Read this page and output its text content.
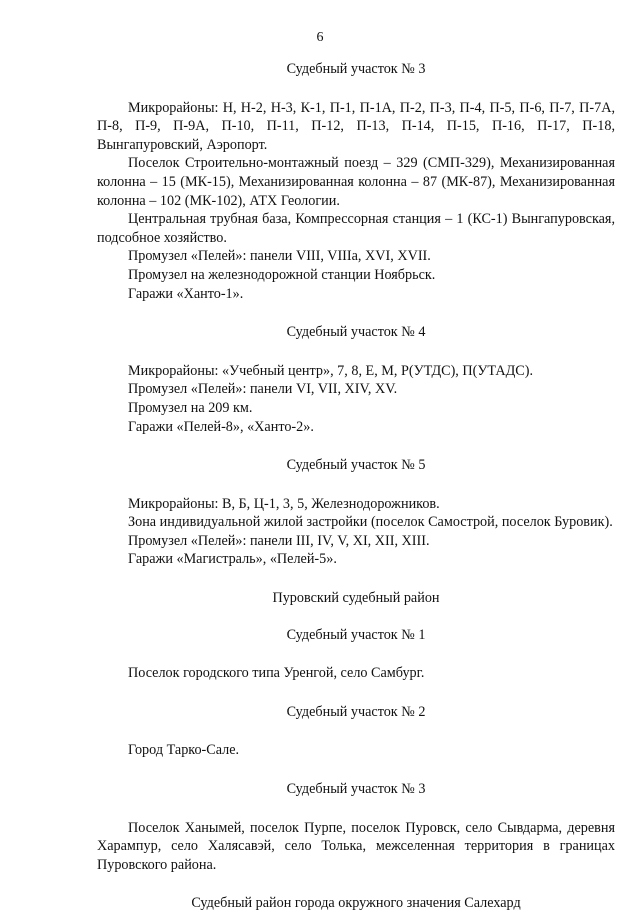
6

Судебный участок № 3

Микрорайоны: Н, Н-2, Н-3, К-1, П-1, П-1А, П-2, П-3, П-4, П-5, П-6, П-7, П-7А, П-8, П-9, П-9А, П-10, П-11, П-12, П-13, П-14, П-15, П-16, П-17, П-18, Вынгапуровский, Аэропорт.

Поселок Строительно-монтажный поезд – 329 (СМП-329), Механизированная колонна – 15 (МК-15), Механизированная колонна – 87 (МК-87), Механизированная колонна – 102 (МК-102), АТХ Геологии.

Центральная трубная база, Компрессорная станция – 1 (КС-1) Вынгапуровская, подсобное хозяйство.

Промузел «Пелей»: панели VIII, VIIIа, XVI, XVII.

Промузел на железнодорожной станции Ноябрьск.

Гаражи «Ханто-1».

Судебный участок № 4

Микрорайоны: «Учебный центр», 7, 8, Е, М, Р(УТДС), П(УТАДС).

Промузел «Пелей»: панели VI, VII, XIV, XV.

Промузел на 209 км.

Гаражи «Пелей-8», «Ханто-2».

Судебный участок № 5

Микрорайоны: В, Б, Ц-1, 3, 5, Железнодорожников.

Зона индивидуальной жилой застройки (поселок Самострой, поселок Буровик).

Промузел «Пелей»: панели III, IV, V, XI, XII, XIII.

Гаражи «Магистраль», «Пелей-5».

Пуровский судебный район

Судебный участок № 1

Поселок городского типа Уренгой, село Самбург.

Судебный участок № 2

Город Тарко-Сале.

Судебный участок № 3

Поселок Ханымей, поселок Пурпе, поселок Пуровск, село Сывдарма, деревня Харампур, село Халясавэй, село Толька, межселенная территория в границах Пуровского района.

Судебный район города окружного значения Салехард
